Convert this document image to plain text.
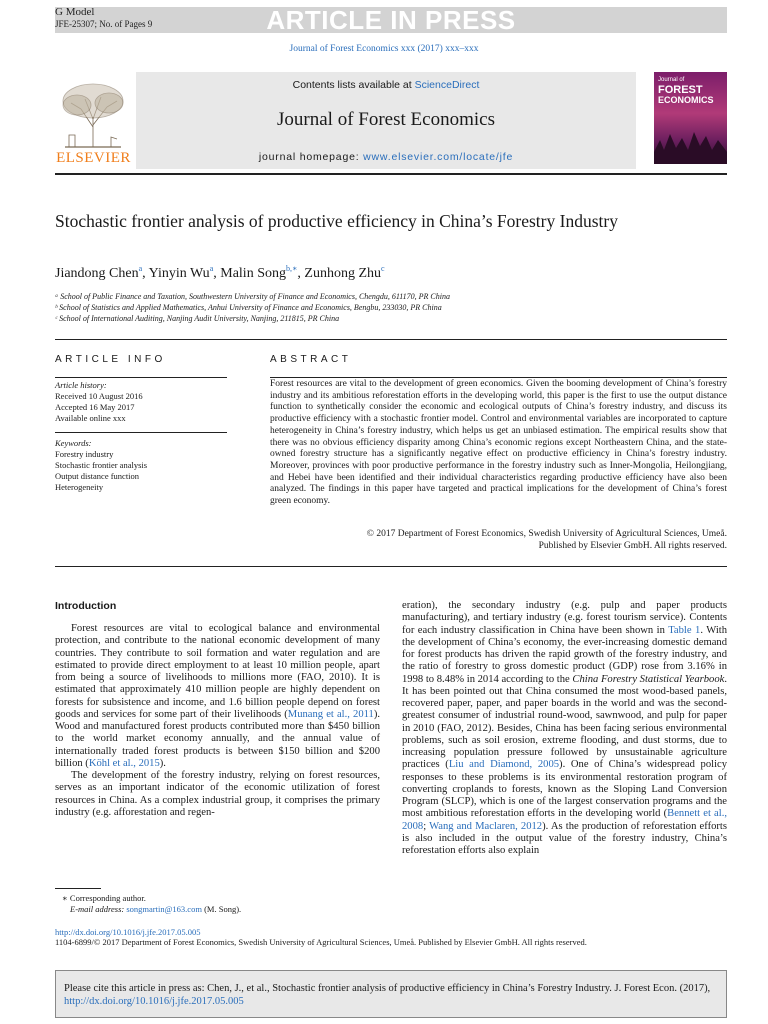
G Model
JFE-25307; No. of Pages 9	ARTICLE IN PRESS
Journal of Forest Economics xxx (2017) xxx–xxx
ELSEVIER
Contents lists available at ScienceDirect
Journal of Forest Economics
journal homepage: www.elsevier.com/locate/jfe
Journal of
FOREST
ECONOMICS
Stochastic frontier analysis of productive efficiency in China’s Forestry Industry
Jiandong Chen$^a$, Yinyin Wu$^a$, Malin Song$^{b,∗}$, Zunhong Zhu$^c$
ᵃ School of Public Finance and Taxation, Southwestern University of Finance and Economics, Chengdu, 611170, PR China
ᵇ School of Statistics and Applied Mathematics, Anhui University of Finance and Economics, Bengbu, 233030, PR China
ᶜ School of International Auditing, Nanjing Audit University, Nanjing, 211815, PR China
ARTICLE INFO
Article history:
Received 10 August 2016
Accepted 16 May 2017
Available online xxx
Keywords:
Forestry industry
Stochastic frontier analysis
Output distance function
Heterogeneity
ABSTRACT
Forest resources are vital to the development of green economics. Given the booming development of China’s forestry industry and its ambitious reforestation efforts in the developing world, this paper is the first to use the output distance function to synthetically consider the economic and ecological outputs of China’s forestry industry, and discuss its productive efficiency with a stochastic frontier model. Control and environmental variables are incorporated to capture heterogeneity in China’s forestry industry, which helps us get an unbiased estimation. The empirical results show that there was no obvious efficiency disparity among China’s economic regions except Northeastern China, and the state-owned forestry structure has a significantly negative effect on productive efficiency in China’s forestry industry. Moreover, provinces with poor productive performance in the forestry industry such as Inner-Mongolia, Heilongjiang, and Hebei have been identified and their individual characteristics regarding productive efficiency have also been analyzed. The findings in this paper have targeted and practical implications for the development of China’s forest green economy.
© 2017 Department of Forest Economics, Swedish University of Agricultural Sciences, Umeå.
Published by Elsevier GmbH. All rights reserved.
Introduction
Forest resources are vital to ecological balance and environmental protection, and contribute to the national economic development of many countries. They contribute to soil formation and water regulation and are estimated to provide direct employment to at least 10 million people, apart from being a source of livelihoods to millions more (FAO, 2010). It is estimated that approximately 410 million people are highly dependent on forests for subsistence and income, and 1.6 billion people depend on forest goods and services for some part of their livelihoods (Munang et al., 2011). Wood and manufactured forest products contributed more than $450 billion to the world market economy annually, and the annual value of internationally traded forest products is between $150 billion and $200 billion (Köhl et al., 2015).
The development of the forestry industry, relying on forest resources, serves as an important indicator of the economic utilization of forest resources in China. As a complex industrial group, it comprises the primary industry (e.g. afforestation and regen-
eration), the secondary industry (e.g. pulp and paper products manufacturing), and tertiary industry (e.g. forest tourism service). Contents for each industry classification in China have been shown in Table 1. With the development of China’s economy, the ever-increasing domestic demand for forest products has driven the rapid growth of the forestry industry, and the ratio of forestry to gross domestic product (GDP) rose from 3.16% in 1998 to 8.48% in 2014 according to the China Forestry Statistical Yearbook. It has been pointed out that China consumed the most wood-based panels, recovered paper, paper, and paper boards in the world and was the second-greatest consumer of industrial round-wood, sawnwood, and pulp for paper in 2010 (FAO, 2012). Besides, China has been facing serious environmental problems, such as soil erosion, extreme flooding, and dust storms, due to increasing population pressure followed by unsustainable agriculture practices (Liu and Diamond, 2005). One of China’s widespread policy responses to these problems is its environmental restoration program of converting croplands to forests, known as the Sloping Land Conversion Program (SLCP), which is one of the largest conservation programs and the most ambitious reforestation efforts in the developing world (Bennett et al., 2008; Wang and Maclaren, 2012). As the production of reforestation efforts is also included in the output value of the forestry industry, China’s reforestation efforts also explain
∗ Corresponding author.
E-mail address: songmartin@163.com (M. Song).
http://dx.doi.org/10.1016/j.jfe.2017.05.005
1104-6899/© 2017 Department of Forest Economics, Swedish University of Agricultural Sciences, Umeå. Published by Elsevier GmbH. All rights reserved.
Please cite this article in press as: Chen, J., et al., Stochastic frontier analysis of productive efficiency in China’s Forestry Industry. J. Forest Econ. (2017), http://dx.doi.org/10.1016/j.jfe.2017.05.005
